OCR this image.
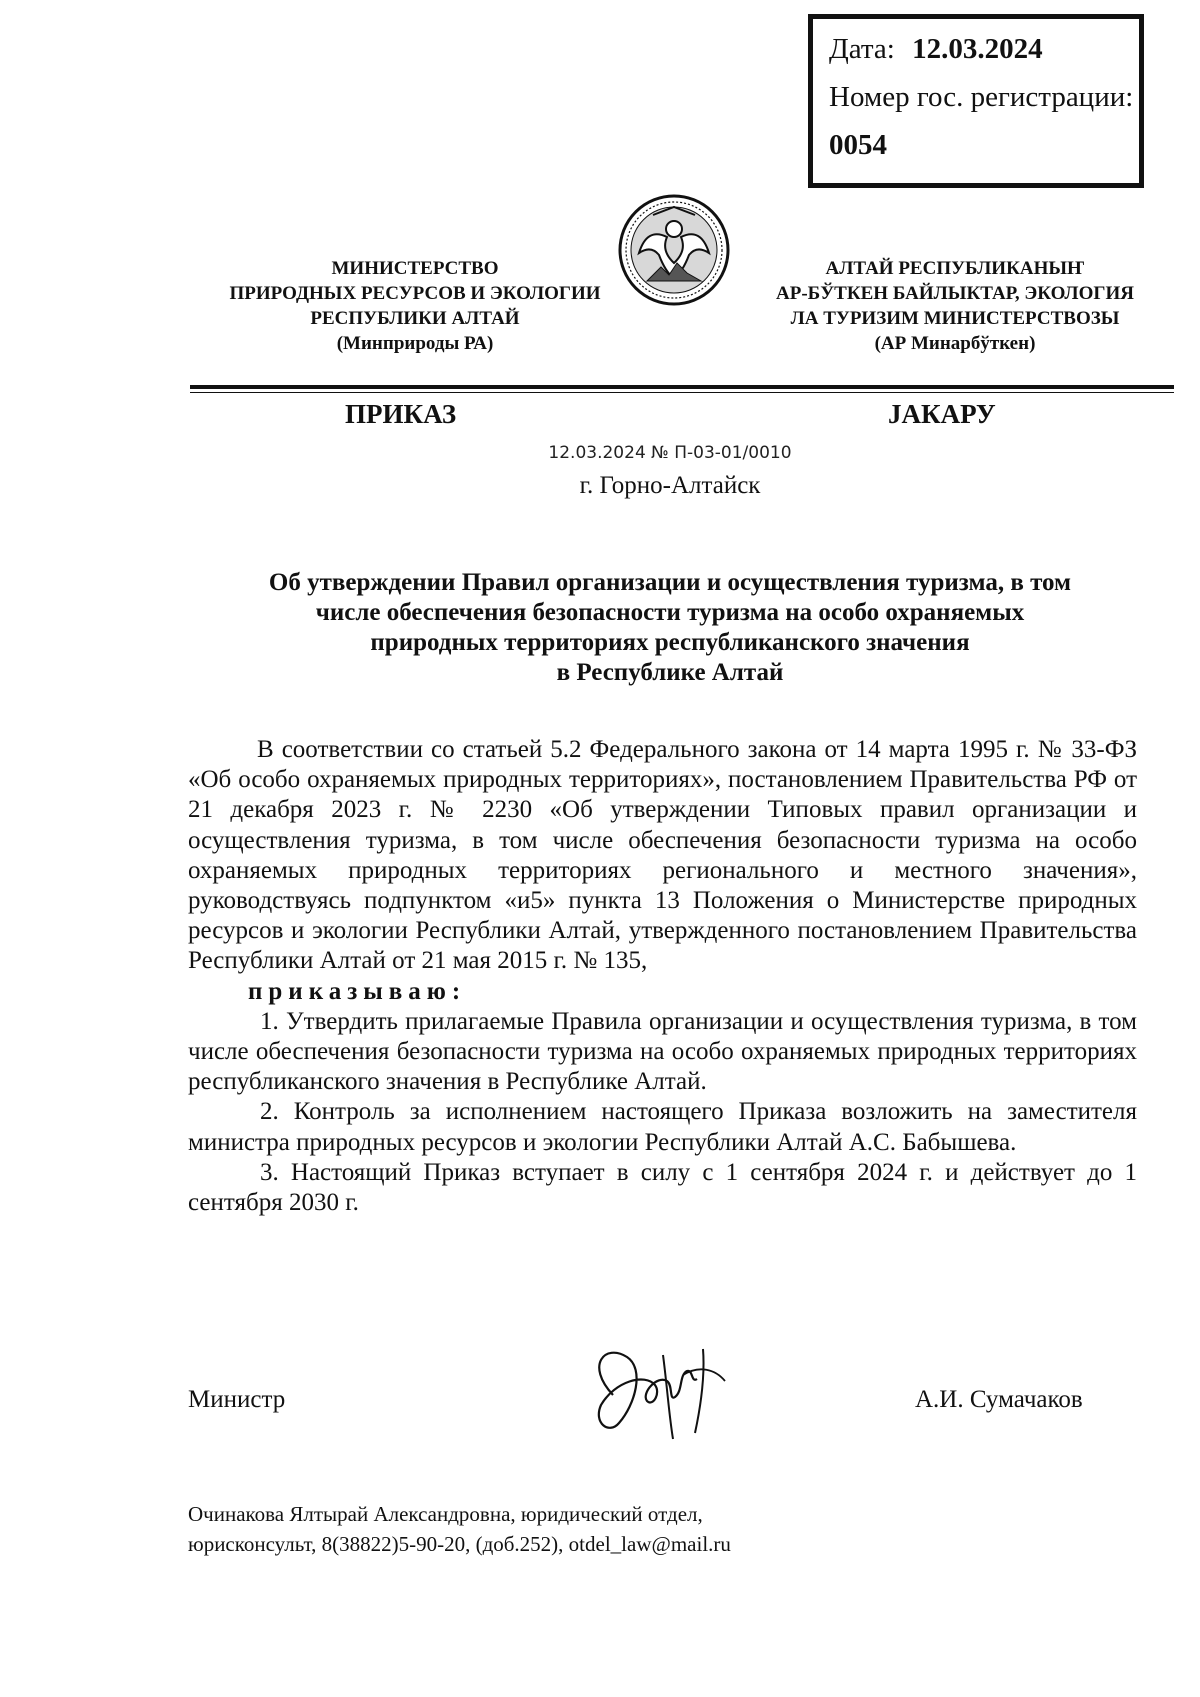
Дата: 12.03.2024
Номер гос. регистрации:
0054
МИНИСТЕРСТВО
ПРИРОДНЫХ РЕСУРСОВ И ЭКОЛОГИИ
РЕСПУБЛИКИ АЛТАЙ
(Минприроды РА)
АЛТАЙ РЕСПУБЛИКАНЫҤ
АР-БЎТКЕН БАЙЛЫКТАР, ЭКОЛОГИЯ
ЛА ТУРИЗИМ МИНИСТЕРСТВОЗЫ
(АР Минарбўткен)
ПРИКАЗ	JАКАРУ
12.03.2024 № П-03-01/0010
г. Горно-Алтайск
Об утверждении Правил организации и осуществления туризма, в том
числе обеспечения безопасности туризма на особо охраняемых
природных территориях республиканского значения
в Республике Алтай

В соответствии со статьей 5.2 Федерального закона от 14 марта 1995 г. № 33-ФЗ «Об особо охраняемых природных территориях», постановлением Правительства РФ от 21 декабря 2023 г. № 2230 «Об утверждении Типовых правил организации и осуществления туризма, в том числе обеспечения безопасности туризма на особо охраняемых природных территориях регионального и местного значения», руководствуясь подпунктом «и5» пункта 13 Положения о Министерстве природных ресурсов и экологии Республики Алтай, утвержденного постановлением Правительства Республики Алтай от 21 мая 2015 г. № 135,

приказываю:

1. Утвердить прилагаемые Правила организации и осуществления туризма, в том числе обеспечения безопасности туризма на особо охраняемых природных территориях республиканского значения в Республике Алтай.

2. Контроль за исполнением настоящего Приказа возложить на заместителя министра природных ресурсов и экологии Республики Алтай А.С. Бабышева.

3. Настоящий Приказ вступает в силу с 1 сентября 2024 г. и действует до 1 сентября 2030 г.

Министр	А.И. Сумачаков
Очинакова Ялтырай Александровна, юридический отдел,
юрисконсульт, 8(38822)5-90-20, (доб.252), otdel_law@mail.ru
